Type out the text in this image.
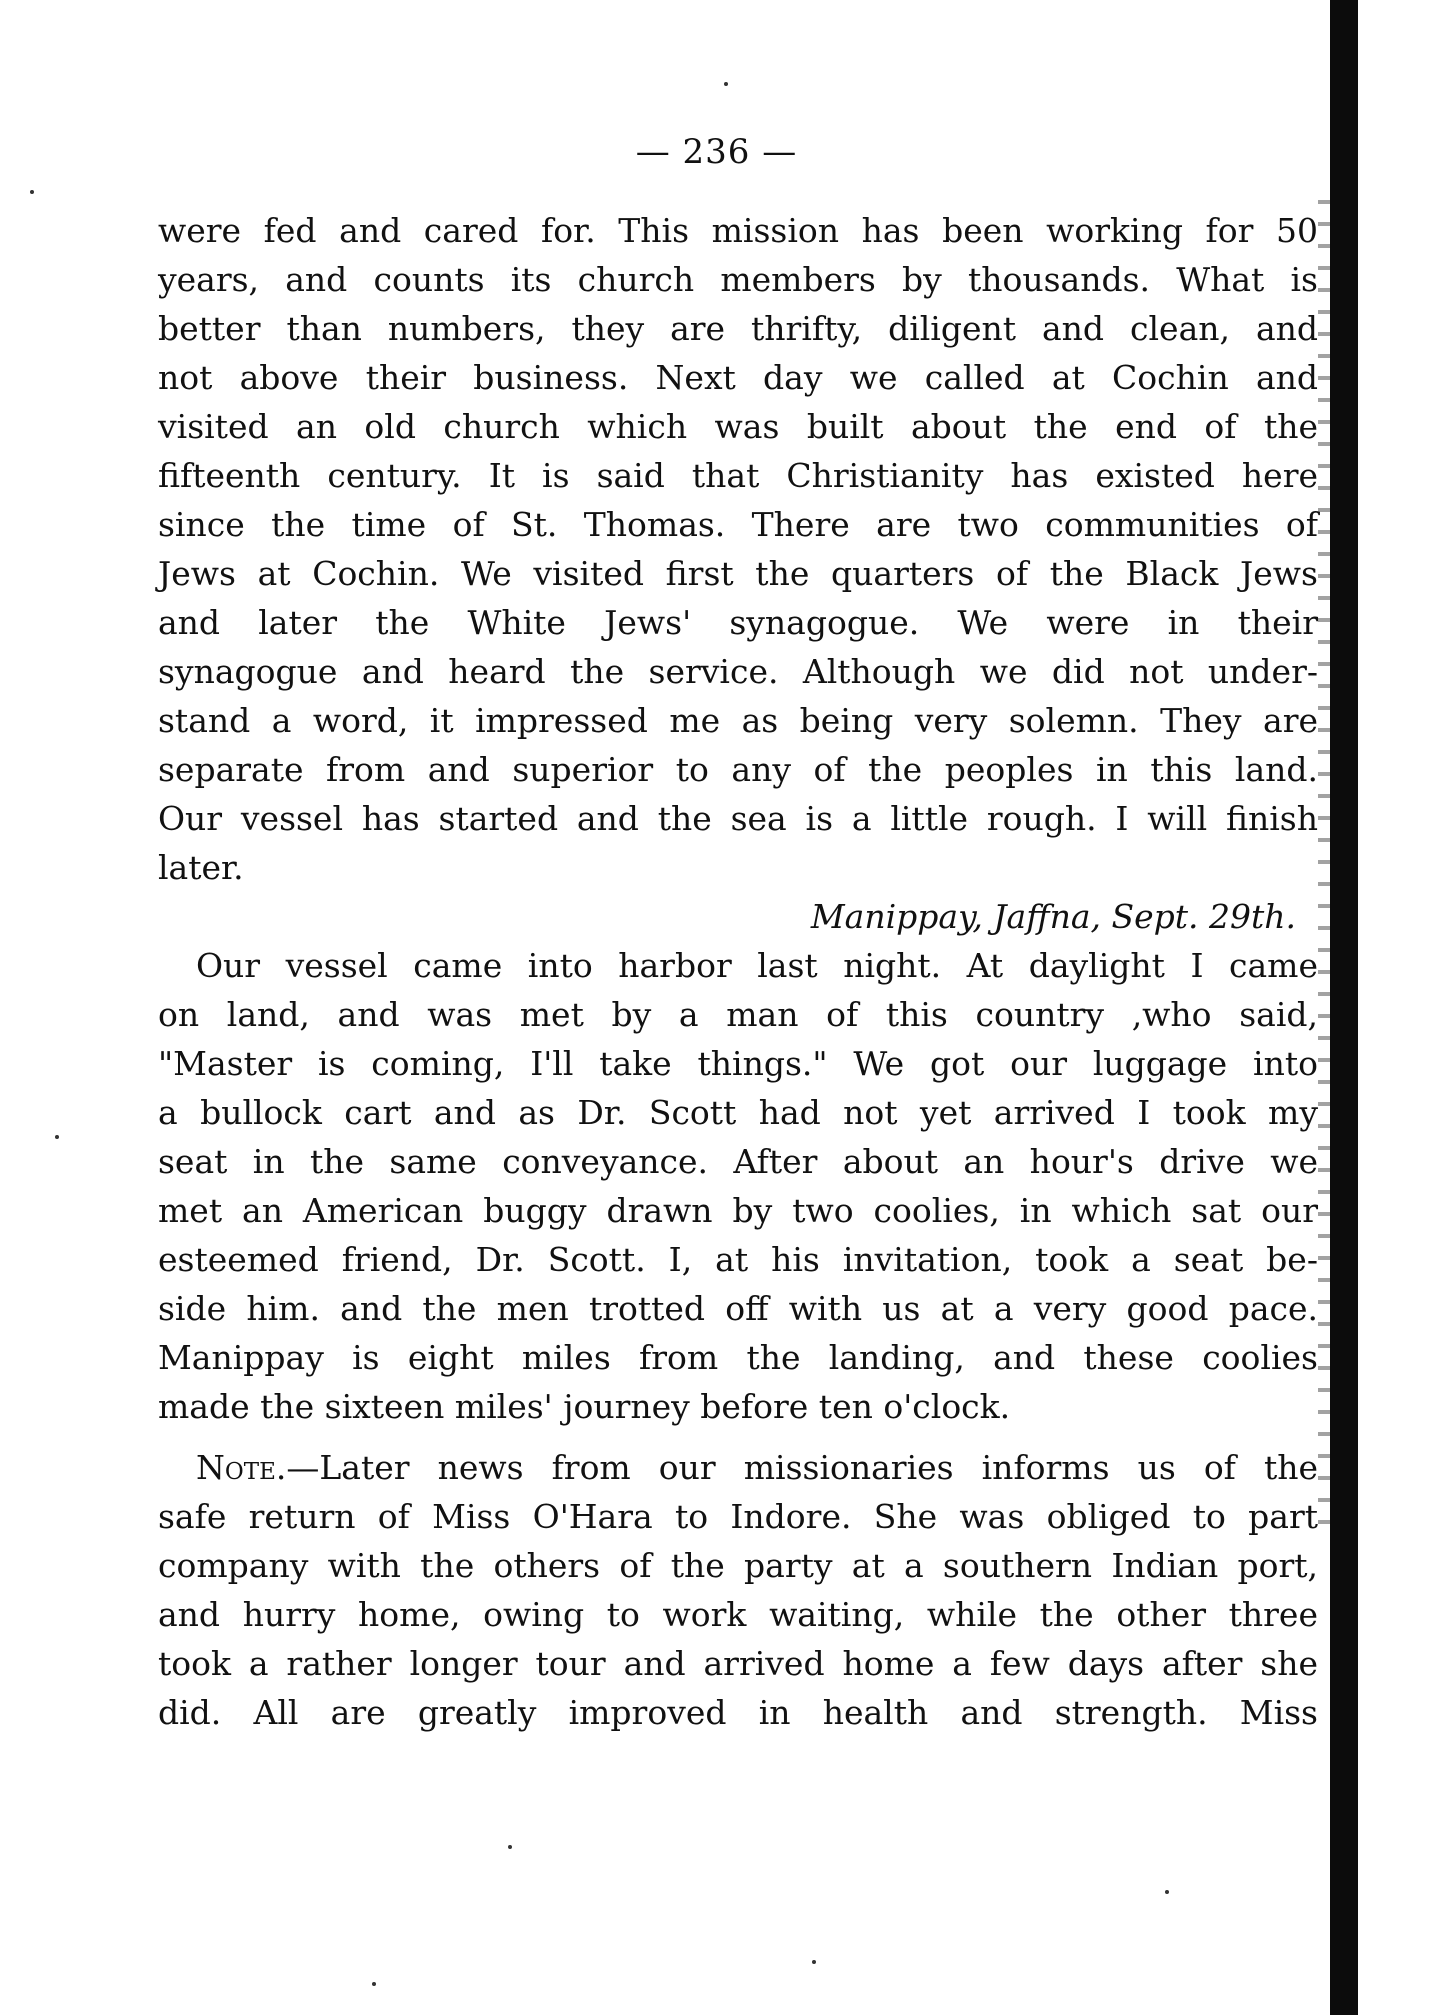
— 236 —
were fed and cared for. This mission has been working for 50
years, and counts its church members by thousands. What is
better than numbers, they are thrifty, diligent and clean, and
not above their business. Next day we called at Cochin and
visited an old church which was built about the end of the
fifteenth century. It is said that Christianity has existed here
since the time of St. Thomas. There are two communities of
Jews at Cochin. We visited first the quarters of the Black Jews
and later the White Jews' synagogue. We were in their
synagogue and heard the service. Although we did not under-
stand a word, it impressed me as being very solemn. They are
separate from and superior to any of the peoples in this land.
Our vessel has started and the sea is a little rough. I will finish
later.
Manippay, Jaffna, Sept. 29th.
Our vessel came into harbor last night. At daylight I came
on land, and was met by a man of this country ,who said,
"Master is coming, I'll take things." We got our luggage into
a bullock cart and as Dr. Scott had not yet arrived I took my
seat in the same conveyance. After about an hour's drive we
met an American buggy drawn by two coolies, in which sat our
esteemed friend, Dr. Scott. I, at his invitation, took a seat be-
side him. and the men trotted off with us at a very good pace.
Manippay is eight miles from the landing, and these coolies
made the sixteen miles' journey before ten o'clock.
Note.—Later news from our missionaries informs us of the
safe return of Miss O'Hara to Indore. She was obliged to part
company with the others of the party at a southern Indian port,
and hurry home, owing to work waiting, while the other three
took a rather longer tour and arrived home a few days after she
did. All are greatly improved in health and strength. Miss
